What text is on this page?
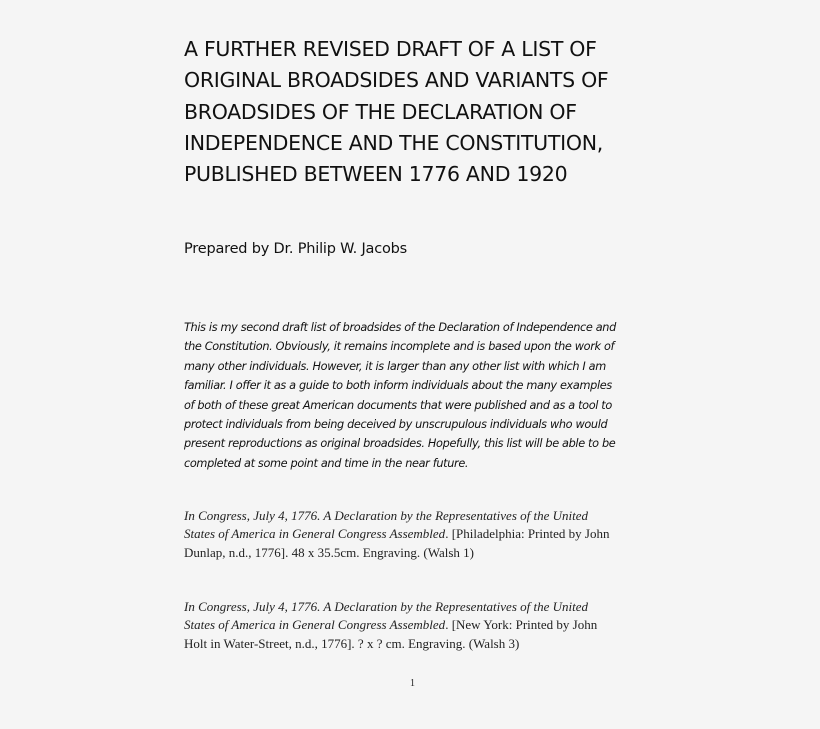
A FURTHER REVISED DRAFT OF A LIST OF
ORIGINAL BROADSIDES AND VARIANTS OF
BROADSIDES OF THE DECLARATION OF
INDEPENDENCE AND THE CONSTITUTION,
PUBLISHED BETWEEN 1776 AND 1920
Prepared by Dr. Philip W. Jacobs
This is my second draft list of broadsides of the Declaration of Independence and
the Constitution. Obviously, it remains incomplete and is based upon the work of
many other individuals. However, it is larger than any other list with which I am
familiar. I offer it as a guide to both inform individuals about the many examples
of both of these great American documents that were published and as a tool to
protect individuals from being deceived by unscrupulous individuals who would
present reproductions as original broadsides. Hopefully, this list will be able to be
completed at some point and time in the near future.
In Congress, July 4, 1776. A Declaration by the Representatives of the United
States of America in General Congress Assembled. [Philadelphia: Printed by John
Dunlap, n.d., 1776]. 48 x 35.5cm. Engraving. (Walsh 1)
In Congress, July 4, 1776. A Declaration by the Representatives of the United
States of America in General Congress Assembled. [New York: Printed by John
Holt in Water-Street, n.d., 1776]. ? x ? cm. Engraving. (Walsh 3)
1
